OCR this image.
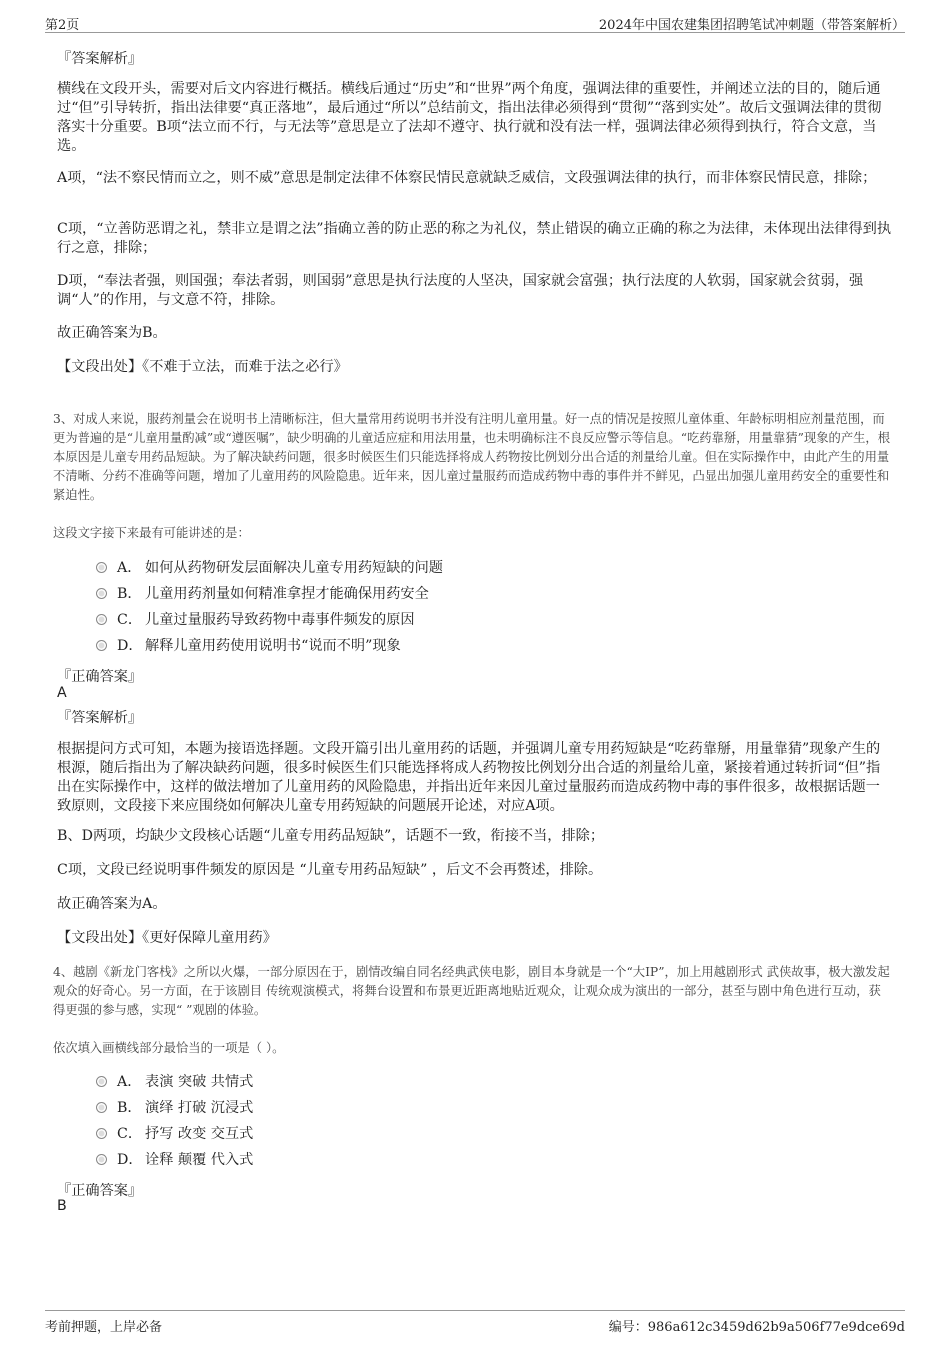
第2页	2024年中国农建集团招聘笔试冲刺题（带答案解析）
『答案解析』

横线在文段开头，需要对后文内容进行概括。横线后通过“历史”和“世界”两个角度，强调法律的重要性，并阐述立法的目的，随后通过“但”引导转折，指出法律要“真正落地”，最后通过“所以”总结前文，指出法律必须得到“贯彻”“落到实处”。故后文强调法律的贯彻落实十分重要。B项“法立而不行，与无法等”意思是立了法却不遵守、执行就和没有法一样，强调法律必须得到执行，符合文意，当选。

A项，“法不察民情而立之，则不威”意思是制定法律不体察民情民意就缺乏威信，文段强调法律的执行，而非体察民情民意，排除；

C项，“立善防恶谓之礼，禁非立是谓之法”指确立善的防止恶的称之为礼仪，禁止错误的确立正确的称之为法律，未体现出法律得到执行之意，排除；

D项，“奉法者强，则国强；奉法者弱，则国弱”意思是执行法度的人坚决，国家就会富强；执行法度的人软弱，国家就会贫弱，强调“人”的作用，与文意不符，排除。

故正确答案为B。

【文段出处】《不难于立法，而难于法之必行》

3、对成人来说，服药剂量会在说明书上清晰标注，但大量常用药说明书并没有注明儿童用量。好一点的情况是按照儿童体重、年龄标明相应剂量范围，而更为普遍的是“儿童用量酌减”或“遵医嘱”，缺少明确的儿童适应症和用法用量，也未明确标注不良反应警示等信息。“吃药靠掰，用量靠猜”现象的产生，根本原因是儿童专用药品短缺。为了解决缺药问题，很多时候医生们只能选择将成人药物按比例划分出合适的剂量给儿童。但在实际操作中，由此产生的用量不清晰、分药不准确等问题，增加了儿童用药的风险隐患。近年来，因儿童过量服药而造成药物中毒的事件并不鲜见，凸显出加强儿童用药安全的重要性和紧迫性。

这段文字接下来最有可能讲述的是：

A． 如何从药物研发层面解决儿童专用药短缺的问题
B． 儿童用药剂量如何精准拿捏才能确保用药安全
C． 儿童过量服药导致药物中毒事件频发的原因
D． 解释儿童用药使用说明书“说而不明”现象
『正确答案』
A
『答案解析』

根据提问方式可知，本题为接语选择题。文段开篇引出儿童用药的话题，并强调儿童专用药短缺是“吃药靠掰，用量靠猜”现象产生的根源，随后指出为了解决缺药问题，很多时候医生们只能选择将成人药物按比例划分出合适的剂量给儿童，紧接着通过转折词“但”指出在实际操作中，这样的做法增加了儿童用药的风险隐患，并指出近年来因儿童过量服药而造成药物中毒的事件很多，故根据话题一致原则，文段接下来应围绕如何解决儿童专用药短缺的问题展开论述，对应A项。

B、D两项，均缺少文段核心话题“儿童专用药品短缺”，话题不一致，衔接不当，排除；

C项，文段已经说明事件频发的原因是 “儿童专用药品短缺” ，后文不会再赘述，排除。

故正确答案为A。

【文段出处】《更好保障儿童用药》

4、越剧《新龙门客栈》之所以火爆，一部分原因在于，剧情改编自同名经典武侠电影，剧目本身就是一个“大IP”，加上用越剧形式 武侠故事，极大激发起观众的好奇心。另一方面，在于该剧目 传统观演模式，将舞台设置和布景更近距离地贴近观众，让观众成为演出的一部分，甚至与剧中角色进行互动，获得更强的参与感，实现“ ”观剧的体验。

依次填入画横线部分最恰当的一项是（ ）。

A． 表演 突破 共情式
B． 演绎 打破 沉浸式
C． 抒写 改变 交互式
D． 诠释 颠覆 代入式
『正确答案』
B
考前押题，上岸必备	编号：986a612c3459d62b9a506f77e9dce69d
